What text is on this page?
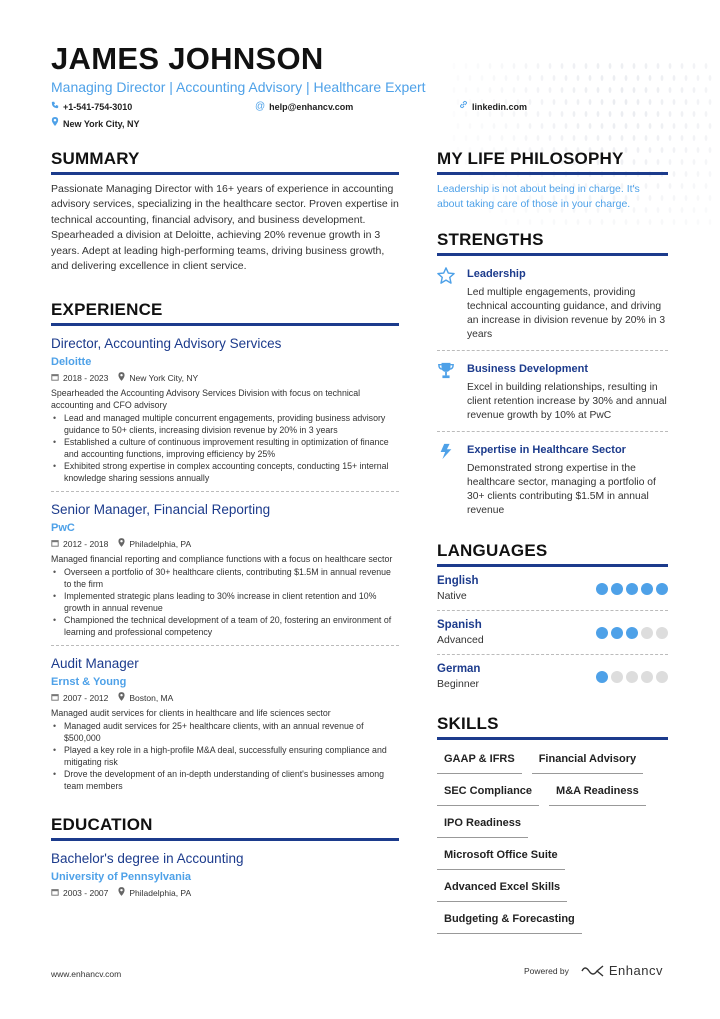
JAMES JOHNSON
Managing Director | Accounting Advisory | Healthcare Expert
+1-541-754-3010	@ help@enhancv.com	linkedin.com
New York City, NY
SUMMARY
Passionate Managing Director with 16+ years of experience in accounting advisory services, specializing in the healthcare sector. Proven expertise in technical accounting, financial advisory, and business development. Spearheaded a division at Deloitte, achieving 20% revenue growth in 3 years. Adept at leading high-performing teams, driving business growth, and delivering excellence in client service.
EXPERIENCE
Director, Accounting Advisory Services
Deloitte
2018 - 2023 New York City, NY
Spearheaded the Accounting Advisory Services Division with focus on technical accounting and CFO advisory
• Lead and managed multiple concurrent engagements, providing business advisory guidance to 50+ clients, increasing division revenue by 20% in 3 years
• Established a culture of continuous improvement resulting in optimization of finance and accounting functions, improving efficiency by 25%
• Exhibited strong expertise in complex accounting concepts, conducting 15+ internal knowledge sharing sessions annually
Senior Manager, Financial Reporting
PwC
2012 - 2018 Philadelphia, PA
Managed financial reporting and compliance functions with a focus on healthcare sector
• Overseen a portfolio of 30+ healthcare clients, contributing $1.5M in annual revenue to the firm
• Implemented strategic plans leading to 30% increase in client retention and 10% growth in annual revenue
• Championed the technical development of a team of 20, fostering an environment of learning and professional competency
Audit Manager
Ernst & Young
2007 - 2012 Boston, MA
Managed audit services for clients in healthcare and life sciences sector
• Managed audit services for 25+ healthcare clients, with an annual revenue of $500,000
• Played a key role in a high-profile M&A deal, successfully ensuring compliance and mitigating risk
• Drove the development of an in-depth understanding of client's businesses among team members
EDUCATION
Bachelor's degree in Accounting
University of Pennsylvania
2003 - 2007 Philadelphia, PA
MY LIFE PHILOSOPHY
Leadership is not about being in charge. It's about taking care of those in your charge.
STRENGTHS
Leadership
Led multiple engagements, providing technical accounting guidance, and driving an increase in division revenue by 20% in 3 years
Business Development
Excel in building relationships, resulting in client retention increase by 30% and annual revenue growth by 10% at PwC
Expertise in Healthcare Sector
Demonstrated strong expertise in the healthcare sector, managing a portfolio of 30+ clients contributing $1.5M in annual revenue
LANGUAGES
English
Native
Spanish
Advanced
German
Beginner
SKILLS
GAAP & IFRS	Financial Advisory
SEC Compliance	M&A Readiness
IPO Readiness
Microsoft Office Suite
Advanced Excel Skills
Budgeting & Forecasting
www.enhancv.com	Powered by	Enhancv
